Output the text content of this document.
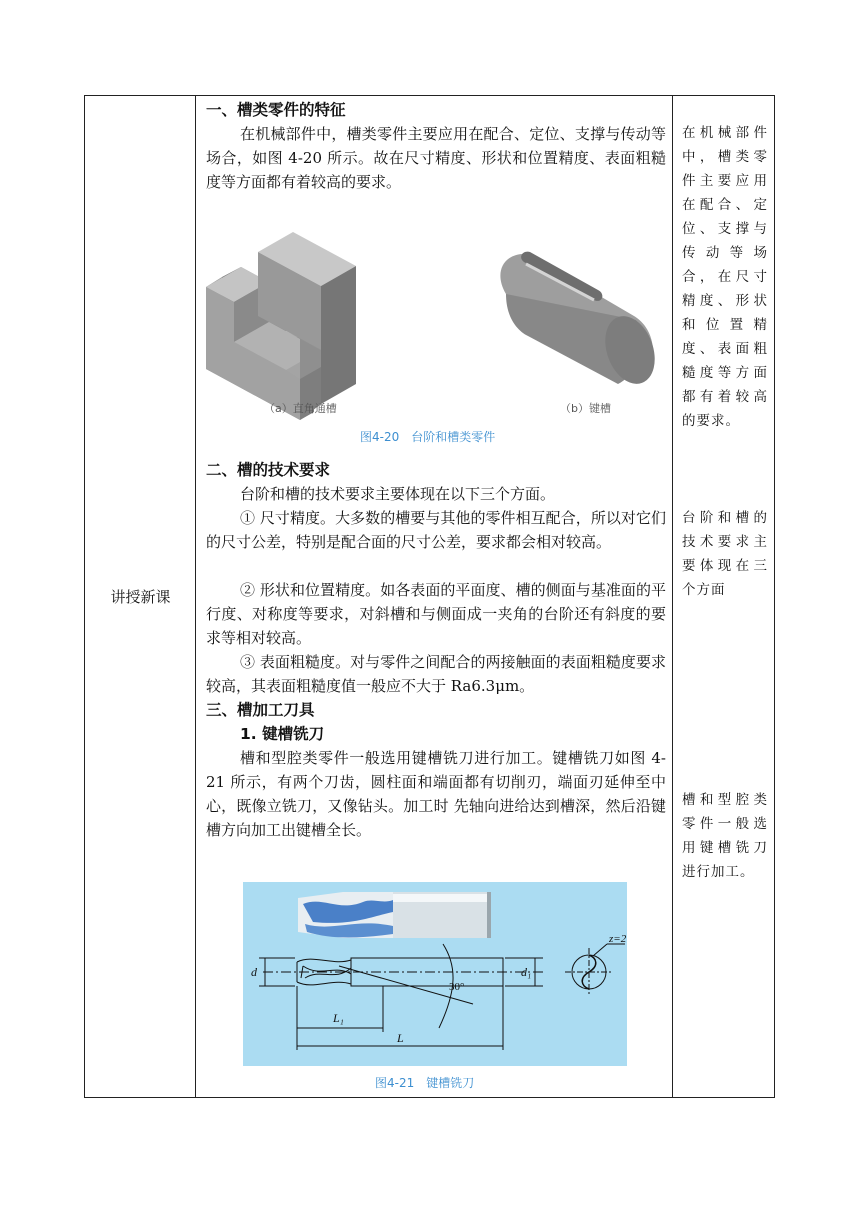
讲授新课
一、槽类零件的特征
在机械部件中，槽类零件主要应用在配合、定位、支撑与传动等场合，如图 4-20 所示。故在尺寸精度、形状和位置精度、表面粗糙度等方面都有着较高的要求。
（a）直角通槽	（b）键槽
图4-20　台阶和槽类零件
二、槽的技术要求
台阶和槽的技术要求主要体现在以下三个方面。
① 尺寸精度。大多数的槽要与其他的零件相互配合，所以对它们的尺寸公差，特别是配合面的尺寸公差，要求都会相对较高。
② 形状和位置精度。如各表面的平面度、槽的侧面与基准面的平行度、对称度等要求，对斜槽和与侧面成一夹角的台阶还有斜度的要求等相对较高。
③ 表面粗糙度。对与零件之间配合的两接触面的表面粗糙度要求较高，其表面粗糙度值一般应不大于 Ra6.3μm。
三、槽加工刀具
1. 键槽铣刀
槽和型腔类零件一般选用键槽铣刀进行加工。键槽铣刀如图 4-21 所示，有两个刀齿，圆柱面和端面都有切削刃，端面刃延伸至中心，既像立铣刀，又像钻头。加工时 先轴向进给达到槽深，然后沿键槽方向加工出键槽全长。
z=2
d	d₁
30°
L₁
L
图4-21　键槽铣刀
在机械部件中，槽类零件主要应用在配合、定位、支撑与传动等场合，在尺寸精度、形状和位置精度、表面粗糙度等方面都有着较高的要求。
台阶和槽的技术要求主要体现在三个方面
槽和型腔类零件一般选用键槽铣刀进行加工。
